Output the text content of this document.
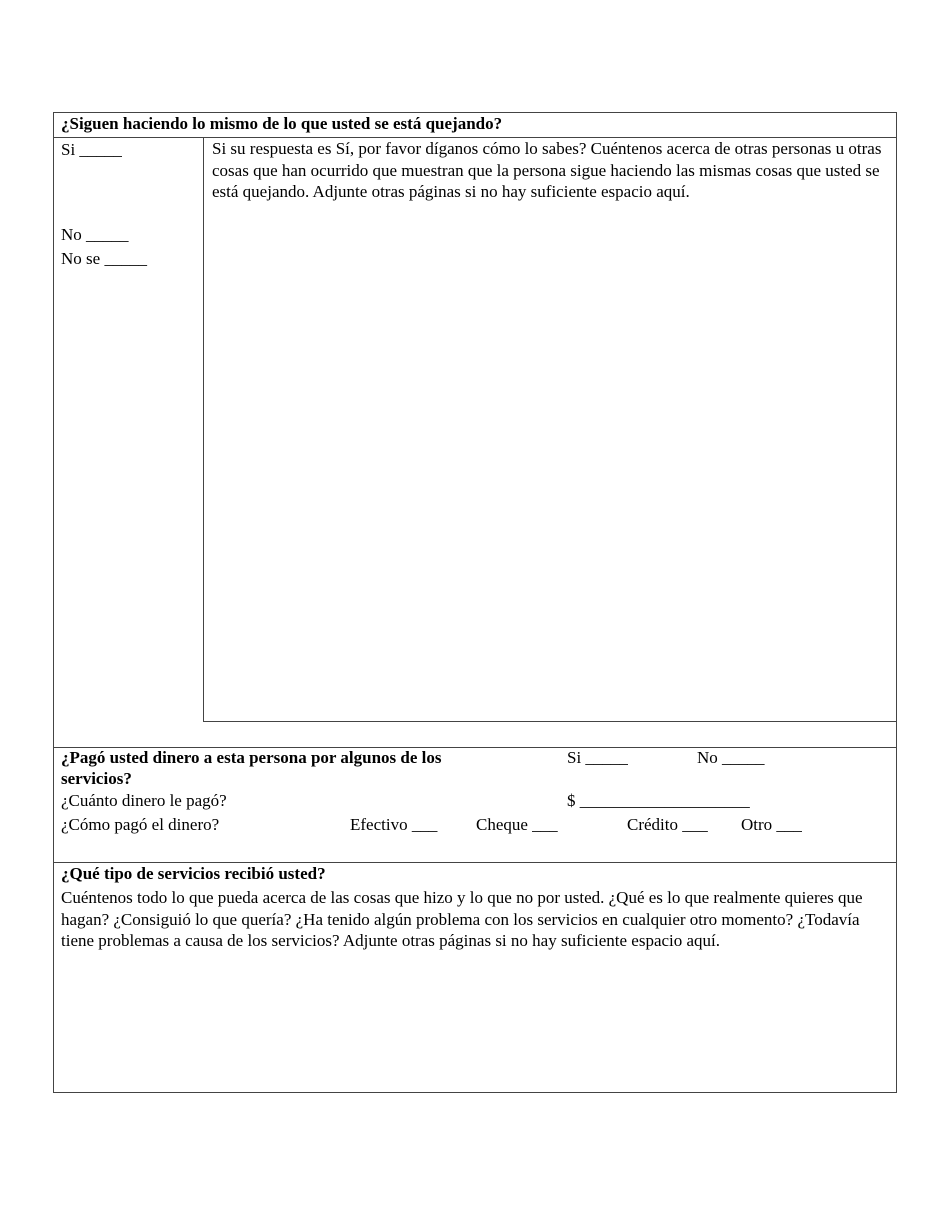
¿Siguen haciendo lo mismo de lo que usted se está quejando?
Si _____
No _____
No se _____
Si su respuesta es Sí, por favor díganos cómo lo sabes? Cuéntenos acerca de otras personas u otras cosas que han ocurrido que muestran que la persona sigue haciendo las mismas cosas que usted se está quejando. Adjunte otras páginas si no hay suficiente espacio aquí.
¿Pagó usted dinero a esta persona por algunos de los
servicios?
Si _____	No _____
¿Cuánto dinero le pagó?	$ ____________________
¿Cómo pagó el dinero?	Efectivo ___ Cheque ___	Crédito ___ Otro ___
¿Qué tipo de servicios recibió usted?
Cuéntenos todo lo que pueda acerca de las cosas que hizo y lo que no por usted. ¿Qué es lo que realmente quieres que hagan? ¿Consiguió lo que quería? ¿Ha tenido algún problema con los servicios en cualquier otro momento? ¿Todavía tiene problemas a causa de los servicios? Adjunte otras páginas si no hay suficiente espacio aquí.
